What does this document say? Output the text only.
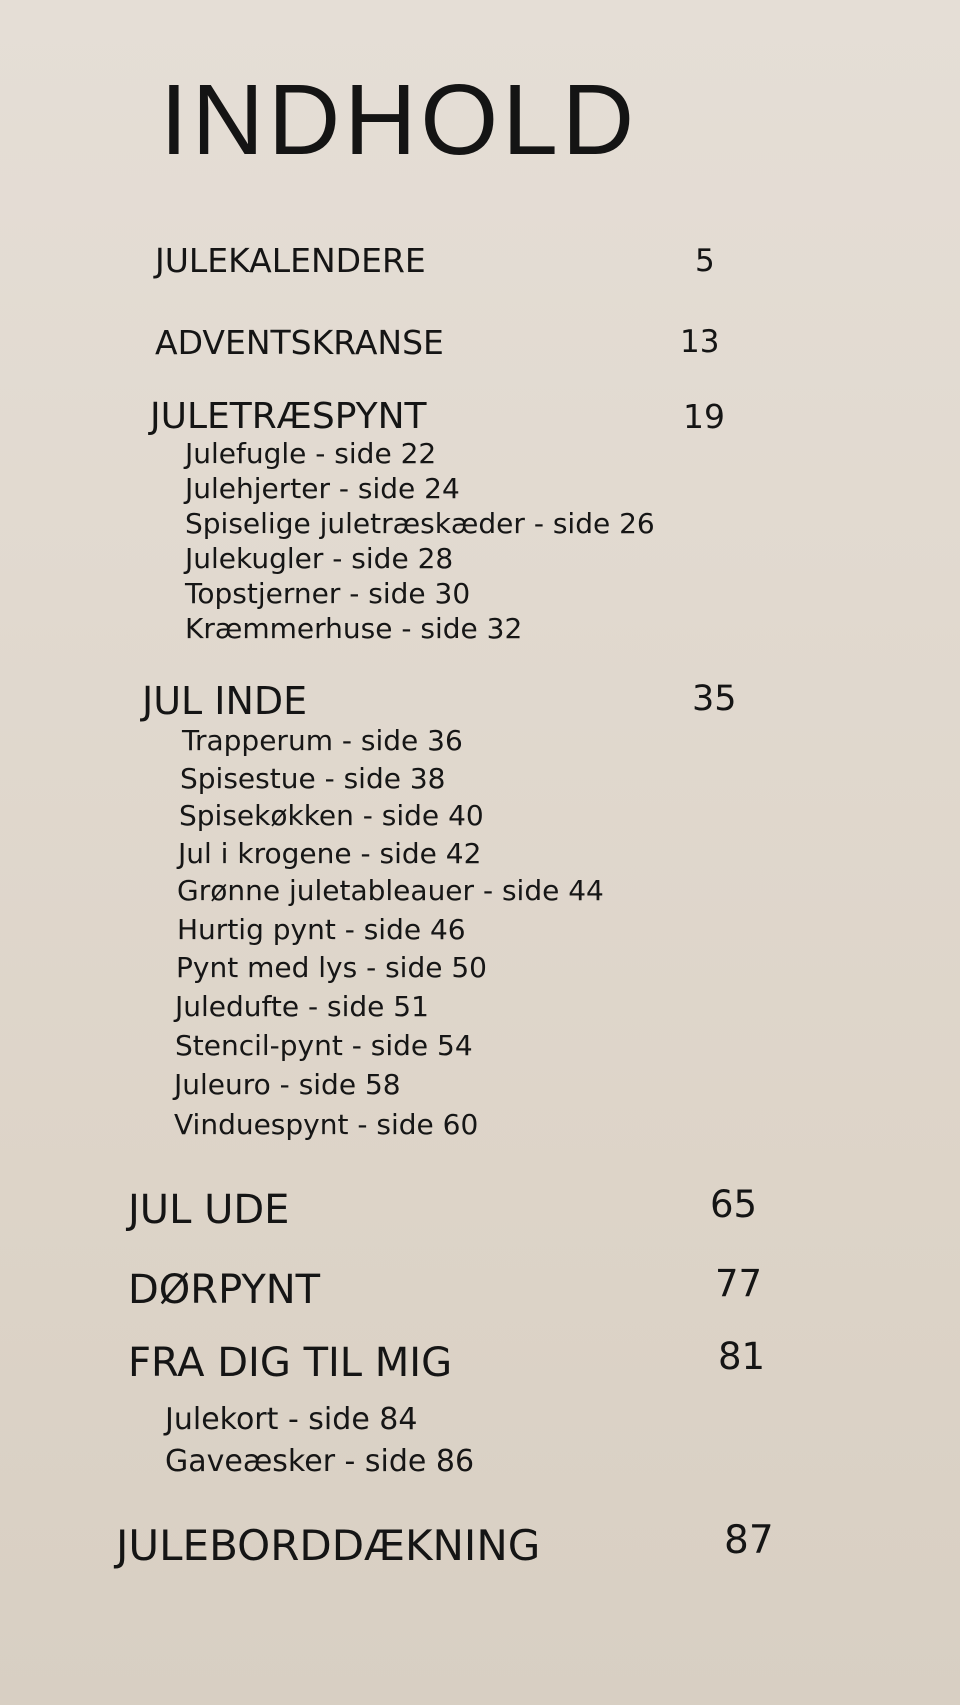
INDHOLD
JULEKALENDERE	5
ADVENTSKRANSE	13
JULETRÆSPYNT	19
Julefugle - side 22
Julehjerter - side 24
Spiselige juletræskæder - side 26
Julekugler - side 28
Topstjerner - side 30
Kræmmerhuse - side 32
JUL INDE	35
Trapperum - side 36
Spisestue - side 38
Spisekøkken - side 40
Jul i krogene - side 42
Grønne juletableauer - side 44
Hurtig pynt - side 46
Pynt med lys - side 50
Juledufte - side 51
Stencil-pynt - side 54
Juleuro - side 58
Vinduespynt - side 60
JUL UDE	65
DØRPYNT	77
FRA DIG TIL MIG	81
Julekort - side 84
Gaveæsker - side 86
JULEBORDDÆKNING	87
